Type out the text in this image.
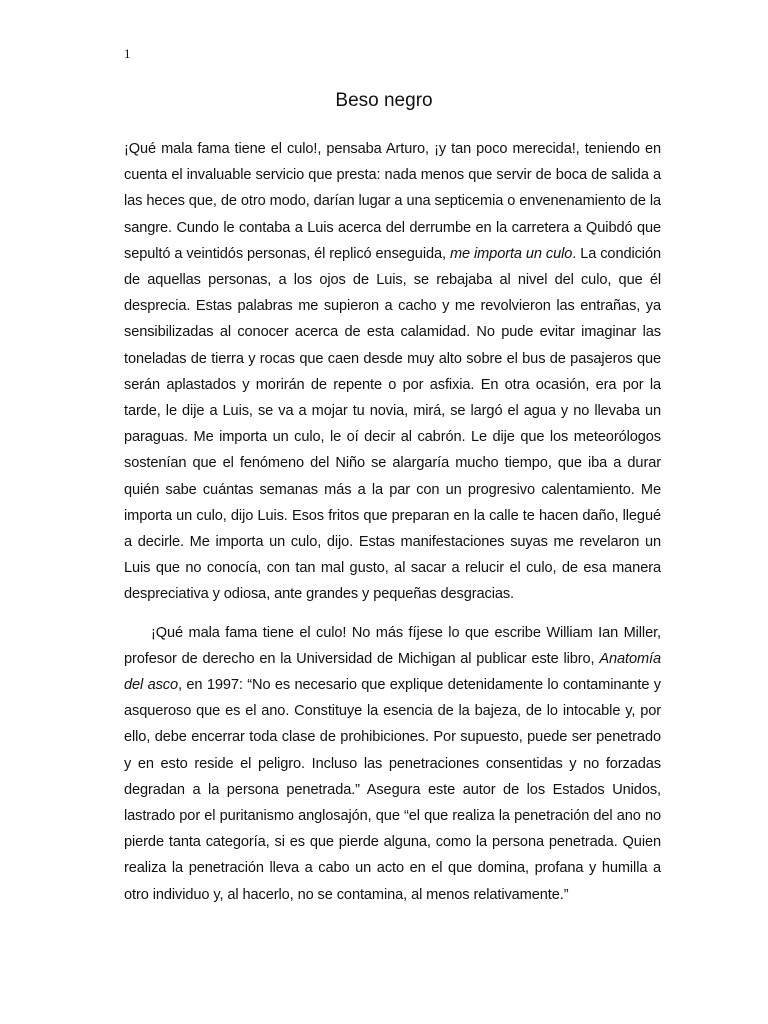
1
Beso negro

¡Qué mala fama tiene el culo!, pensaba Arturo, ¡y tan poco merecida!, teniendo en cuenta el invaluable servicio que presta: nada menos que servir de boca de salida a las heces que, de otro modo, darían lugar a una septicemia o envenenamiento de la sangre. Cundo le contaba a Luis acerca del derrumbe en la carretera a Quibdó que sepultó a veintidós personas, él replicó enseguida, me importa un culo. La condición de aquellas personas, a los ojos de Luis, se rebajaba al nivel del culo, que él desprecia. Estas palabras me supieron a cacho y me revolvieron las entrañas, ya sensibilizadas al conocer acerca de esta calamidad. No pude evitar imaginar las toneladas de tierra y rocas que caen desde muy alto sobre el bus de pasajeros que serán aplastados y morirán de repente o por asfixia. En otra ocasión, era por la tarde, le dije a Luis, se va a mojar tu novia, mirá, se largó el agua y no llevaba un paraguas. Me importa un culo, le oí decir al cabrón. Le dije que los meteorólogos sostenían que el fenómeno del Niño se alargaría mucho tiempo, que iba a durar quién sabe cuántas semanas más a la par con un progresivo calentamiento. Me importa un culo, dijo Luis. Esos fritos que preparan en la calle te hacen daño, llegué a decirle. Me importa un culo, dijo. Estas manifestaciones suyas me revelaron un Luis que no conocía, con tan mal gusto, al sacar a relucir el culo, de esa manera despreciativa y odiosa, ante grandes y pequeñas desgracias.

¡Qué mala fama tiene el culo! No más fíjese lo que escribe William Ian Miller, profesor de derecho en la Universidad de Michigan al publicar este libro, Anatomía del asco, en 1997: “No es necesario que explique detenidamente lo contaminante y asqueroso que es el ano. Constituye la esencia de la bajeza, de lo intocable y, por ello, debe encerrar toda clase de prohibiciones. Por supuesto, puede ser penetrado y en esto reside el peligro. Incluso las penetraciones consentidas y no forzadas degradan a la persona penetrada.” Asegura este autor de los Estados Unidos, lastrado por el puritanismo anglosajón, que “el que realiza la penetración del ano no pierde tanta categoría, si es que pierde alguna, como la persona penetrada. Quien realiza la penetración lleva a cabo un acto en el que domina, profana y humilla a otro individuo y, al hacerlo, no se contamina, al menos relativamente.”
